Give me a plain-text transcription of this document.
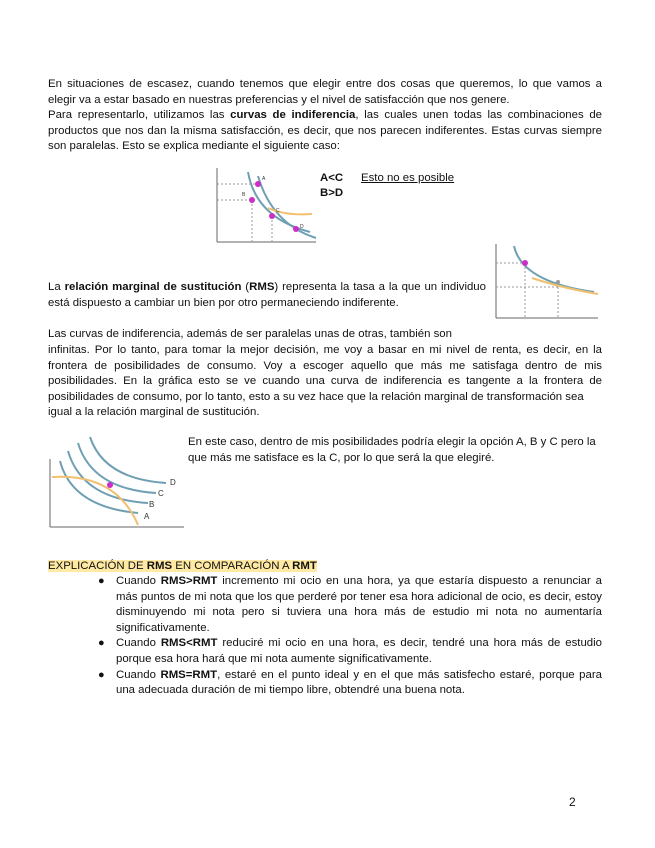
En situaciones de escasez, cuando tenemos que elegir entre dos cosas que queremos, lo que vamos a
elegir va a estar basado en nuestras preferencias y el nivel de satisfacción que nos genere.
Para representarlo, utilizamos las curvas de indiferencia, las cuales unen todas las combinaciones de productos que nos dan la misma satisfacción, es decir, que nos parecen indiferentes. Estas curvas siempre son paralelas. Esto se explica mediante el siguiente caso:
A
B
C
D
A<C
B>D
Esto no es posible
La relación marginal de sustitución (RMS) representa la tasa a la que un individuo está dispuesto a cambiar un bien por otro permaneciendo indiferente.
Las curvas de indiferencia, además de ser paralelas unas de otras, también son
infinitas. Por lo tanto, para tomar la mejor decisión, me voy a basar en mi nivel de renta, es decir, en la frontera de posibilidades de consumo. Voy a escoger aquello que más me satisfaga dentro de mis posibilidades. En la gráfica esto se ve cuando una curva de indiferencia es tangente a la frontera de posibilidades de consumo, por lo tanto, esto a su vez hace que la relación marginal de transformación sea
igual a la relación marginal de sustitución.
D
C
B
A
En este caso, dentro de mis posibilidades podría elegir la opción A, B y C pero la que más me satisface es la C, por lo que será la que elegiré.
EXPLICACIÓN DE RMS EN COMPARACIÓN A RMT
● Cuando RMS>RMT incremento mi ocio en una hora, ya que estaría dispuesto a renunciar a más puntos de mi nota que los que perderé por tener esa hora adicional de ocio, es decir, estoy disminuyendo mi nota pero si tuviera una hora más de estudio mi nota no aumentaría significativamente.
● Cuando RMS<RMT reduciré mi ocio en una hora, es decir, tendré una hora más de estudio porque esa hora hará que mi nota aumente significativamente.
● Cuando RMS=RMT, estaré en el punto ideal y en el que más satisfecho estaré, porque para una adecuada duración de mi tiempo libre, obtendré una buena nota.
2
